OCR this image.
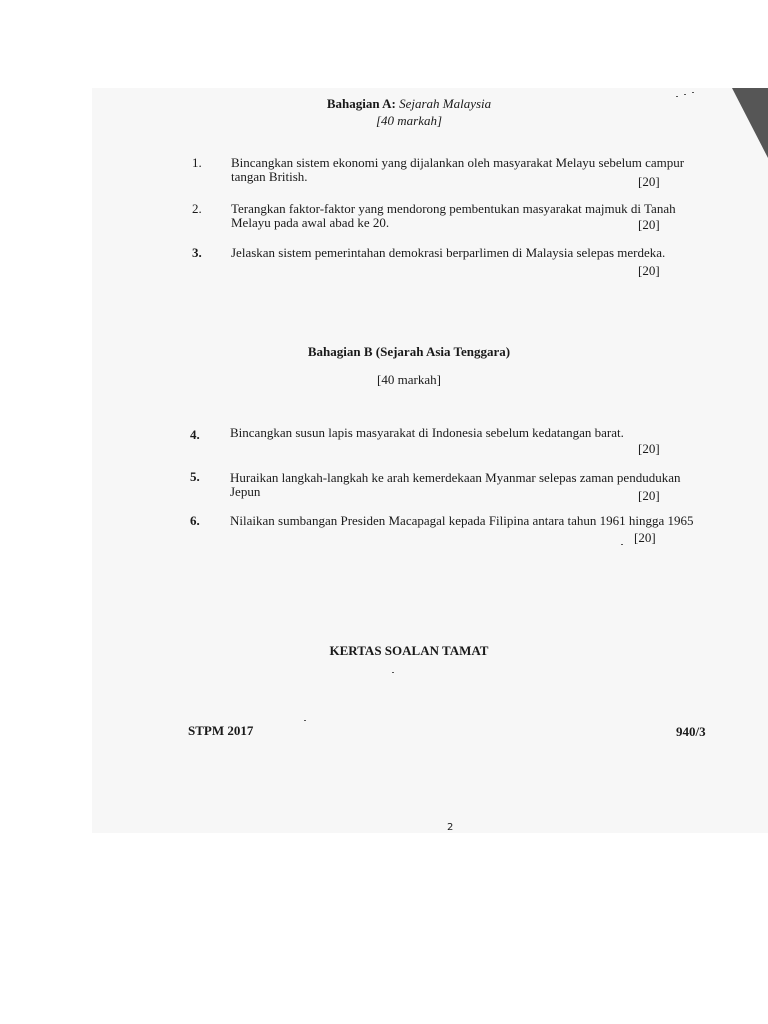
Bahagian A: Sejarah Malaysia
[40 markah]
1. Bincangkan sistem ekonomi yang dijalankan oleh masyarakat Melayu sebelum campur tangan British.	[20]
2. Terangkan faktor-faktor yang mendorong pembentukan masyarakat majmuk di Tanah Melayu pada awal abad ke 20.	[20]
3. Jelaskan sistem pemerintahan demokrasi berparlimen di Malaysia selepas merdeka.
[20]
Bahagian B (Sejarah Asia Tenggara)
[40 markah]
4. Bincangkan susun lapis masyarakat di Indonesia sebelum kedatangan barat.
[20]
5. Huraikan langkah-langkah ke arah kemerdekaan Myanmar selepas zaman pendudukan Jepun	[20]
6. Nilaikan sumbangan Presiden Macapagal kepada Filipina antara tahun 1961 hingga 1965
[20]
KERTAS SOALAN TAMAT
STPM 2017	940/3
2
